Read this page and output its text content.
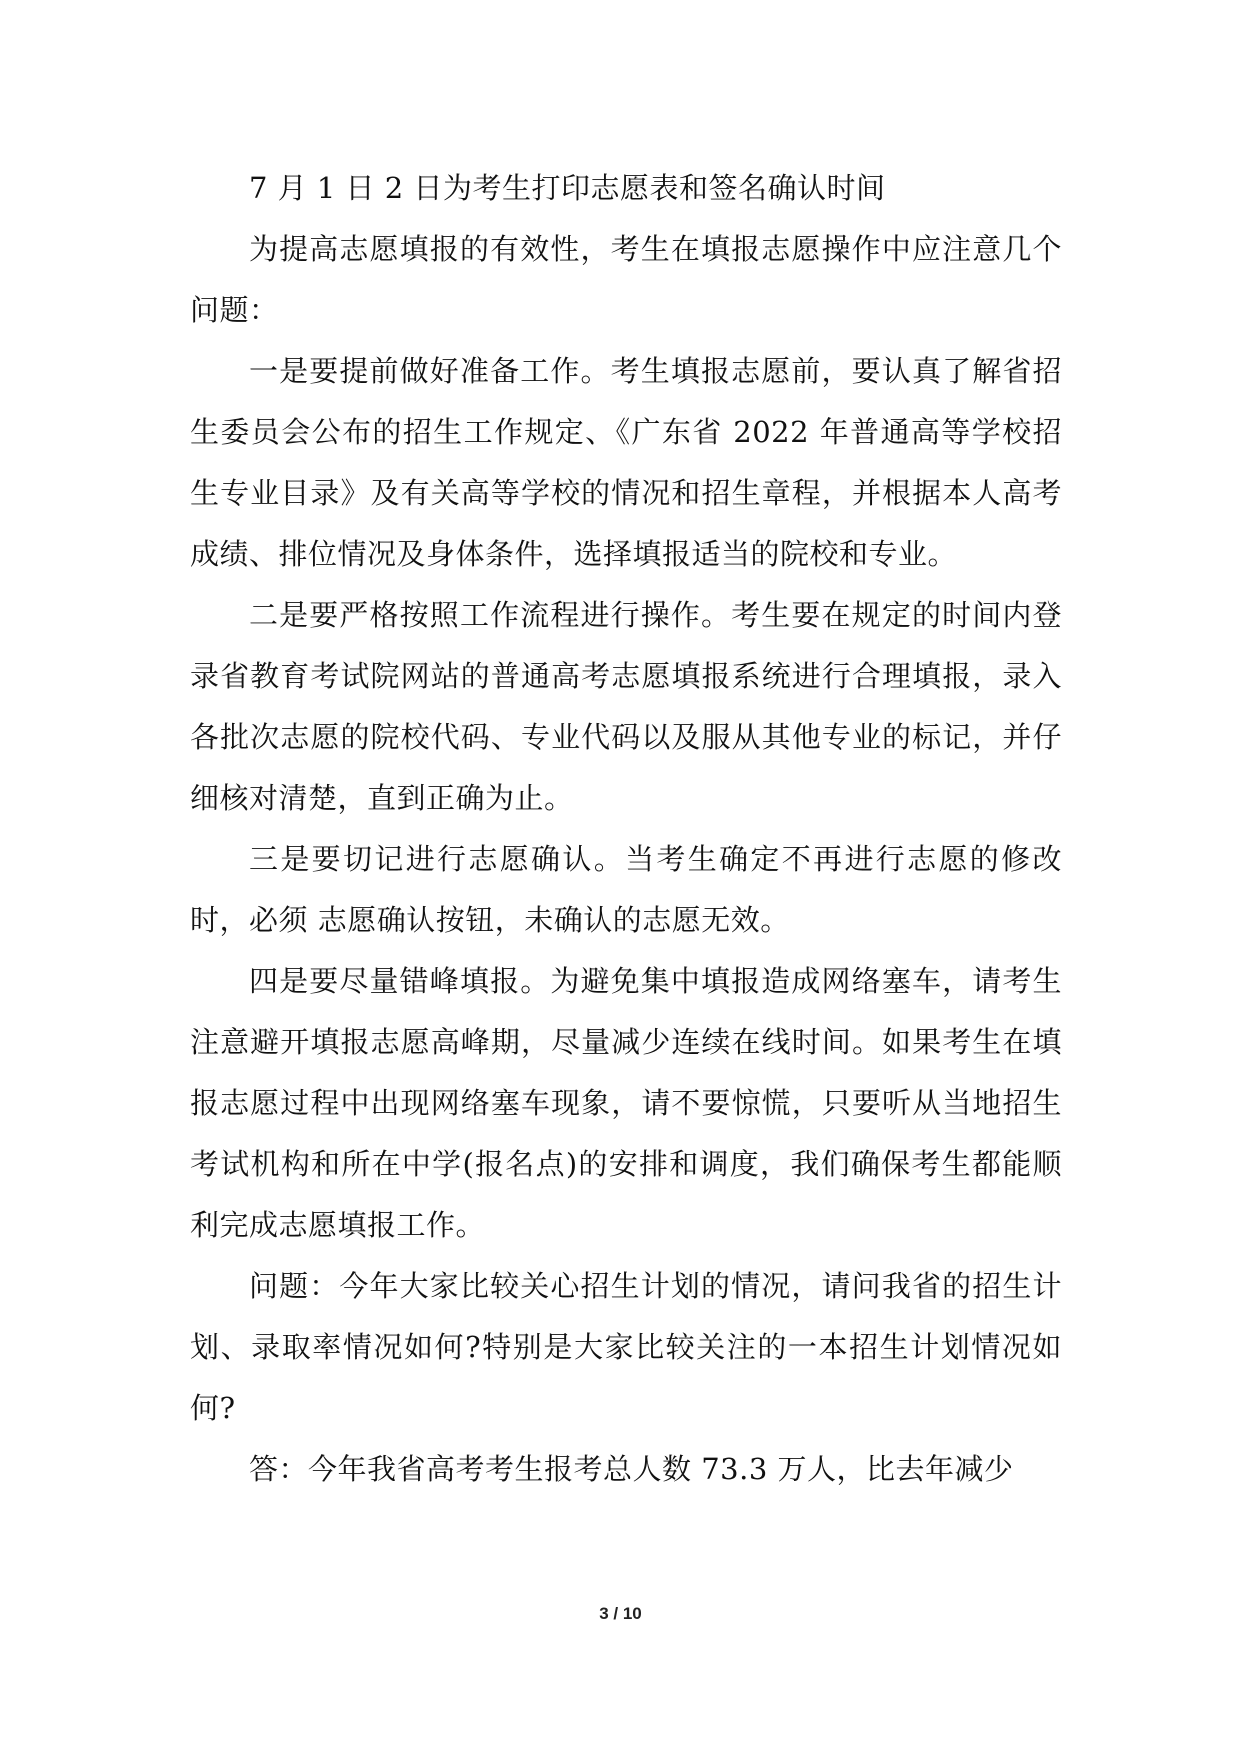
7 月 1 日 2 日为考生打印志愿表和签名确认时间

为提高志愿填报的有效性，考生在填报志愿操作中应注意几个问题：

一是要提前做好准备工作。考生填报志愿前，要认真了解省招生委员会公布的招生工作规定、《广东省 2022 年普通高等学校招生专业目录》及有关高等学校的情况和招生章程，并根据本人高考成绩、排位情况及身体条件，选择填报适当的院校和专业。

二是要严格按照工作流程进行操作。考生要在规定的时间内登录省教育考试院网站的普通高考志愿填报系统进行合理填报，录入各批次志愿的院校代码、专业代码以及服从其他专业的标记，并仔细核对清楚，直到正确为止。

三是要切记进行志愿确认。当考生确定不再进行志愿的修改时，必须 志愿确认按钮，未确认的志愿无效。

四是要尽量错峰填报。为避免集中填报造成网络塞车，请考生注意避开填报志愿高峰期，尽量减少连续在线时间。如果考生在填报志愿过程中出现网络塞车现象，请不要惊慌，只要听从当地招生考试机构和所在中学(报名点)的安排和调度，我们确保考生都能顺利完成志愿填报工作。

问题：今年大家比较关心招生计划的情况，请问我省的招生计划、录取率情况如何?特别是大家比较关注的一本招生计划情况如何?

答：今年我省高考考生报考总人数 73.3 万人，比去年减少

3 / 10
